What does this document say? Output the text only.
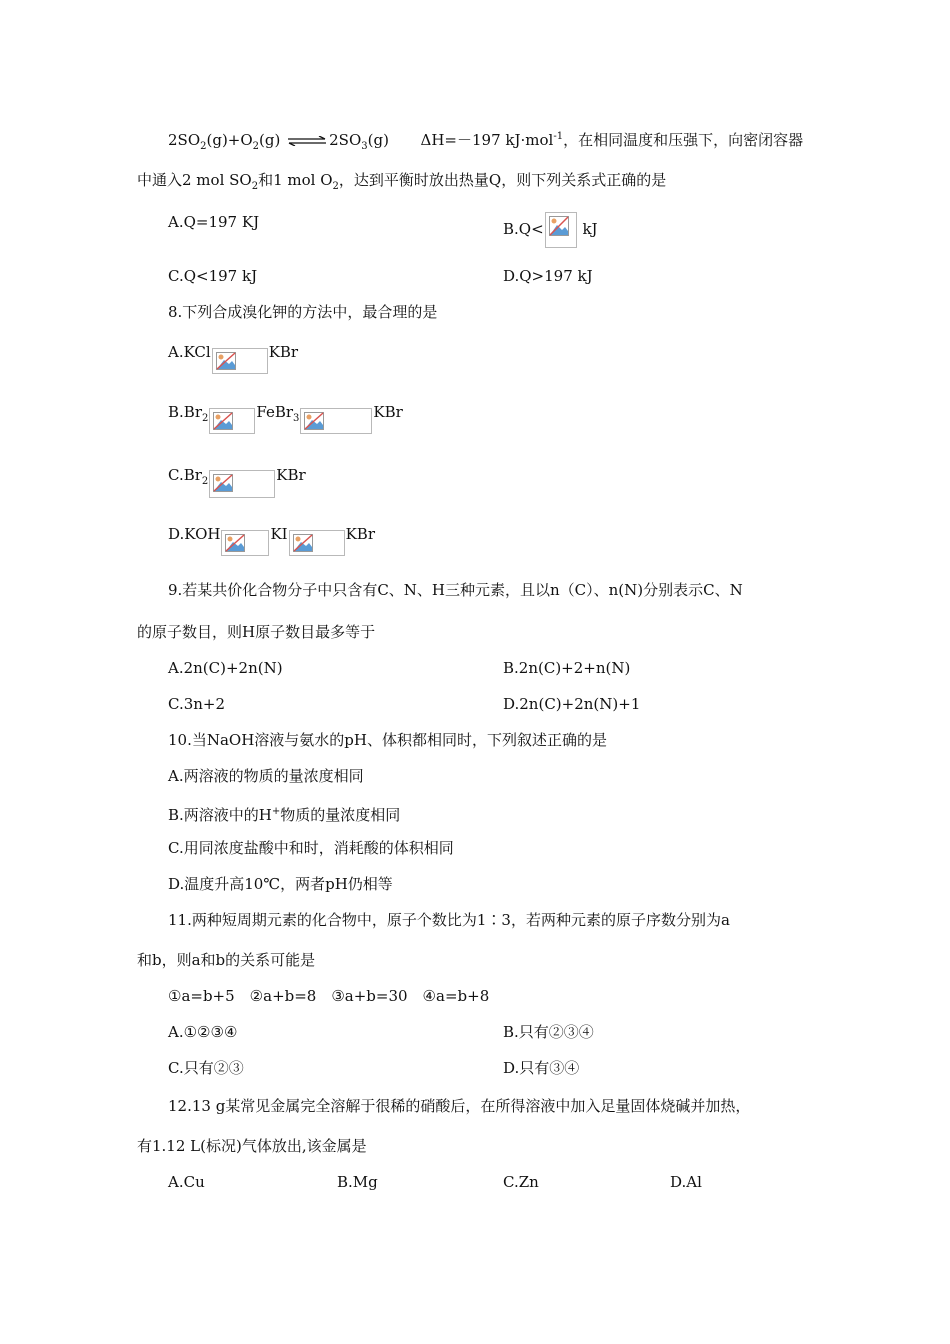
$2SO_2(g)+O_2(g)$ ⇌ $2SO_3(g)$ ΔH=－197 kJ·mol$^{-1}$，在相同温度和压强下，向密闭容器
中通入2 mol $SO_2$和1 mol $O_2$，达到平衡时放出热量Q，则下列关系式正确的是
A.Q=197 KJ	B.Q<	kJ
C.Q<197 kJ	D.Q>197 kJ
8.下列合成溴化钾的方法中，最合理的是
A.KCl	KBr
$B.Br_2$	FeBr$_3$	KBr
$C.Br_2$	KBr
D.KOH	KI	KBr
9.若某共价化合物分子中只含有C、N、H三种元素，且以n（C）、n(N)分别表示C、N
的原子数目，则H原子数目最多等于
A.2n(C)+2n(N)	B.2n(C)+2+n(N)
C.3n+2	D.2n(C)+2n(N)+1
10.当NaOH溶液与氨水的pH、体积都相同时，下列叙述正确的是
A.两溶液的物质的量浓度相同
B.两溶液中的H+物质的量浓度相同
C.用同浓度盐酸中和时，消耗酸的体积相同
D.温度升高10℃，两者pH仍相等
11.两种短周期元素的化合物中，原子个数比为1∶3，若两种元素的原子序数分别为a
和b，则a和b的关系可能是
①a=b+5　②a+b=8　③a+b=30　④a=b+8
A.①②③④	B.只有②③④
C.只有②③	D.只有③④
12.13 g某常见金属完全溶解于很稀的硝酸后，在所得溶液中加入足量固体烧碱并加热，
有1.12 L(标况)气体放出,该金属是
A.Cu	B.Mg	C.Zn	D.Al
